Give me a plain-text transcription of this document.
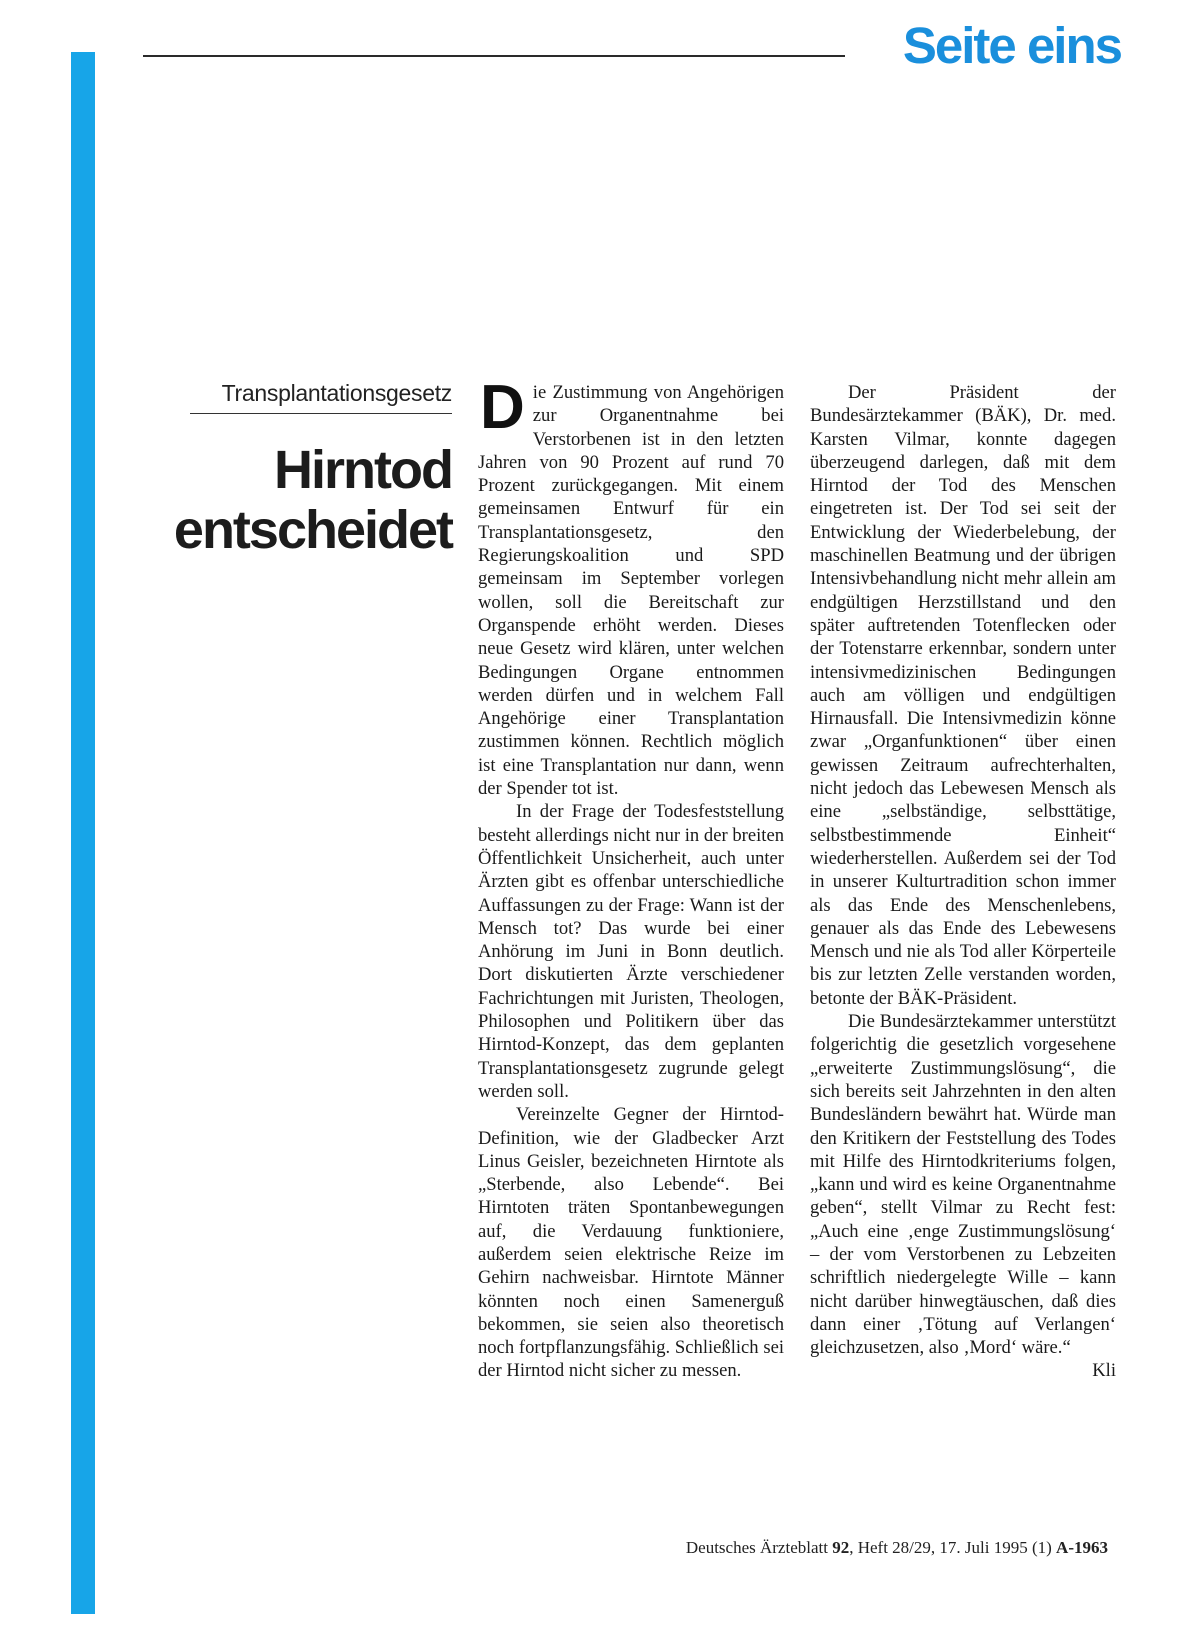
Seite eins
Transplantationsgesetz
Hirntod
entscheidet

Die Zustimmung von Angehörigen zur Organentnahme bei Verstorbenen ist in den letzten Jahren von 90 Prozent auf rund 70 Prozent zurückgegangen. Mit einem gemeinsamen Entwurf für ein Transplantationsgesetz, den Regierungskoalition und SPD gemeinsam im September vorlegen wollen, soll die Bereitschaft zur Organspende erhöht werden. Dieses neue Gesetz wird klären, unter welchen Bedingungen Organe entnommen werden dürfen und in welchem Fall Angehörige einer Transplantation zustimmen können. Rechtlich möglich ist eine Transplantation nur dann, wenn der Spender tot ist.

In der Frage der Todesfeststellung besteht allerdings nicht nur in der breiten Öffentlichkeit Unsicherheit, auch unter Ärzten gibt es offenbar unterschiedliche Auffassungen zu der Frage: Wann ist der Mensch tot? Das wurde bei einer Anhörung im Juni in Bonn deutlich. Dort diskutierten Ärzte verschiedener Fachrichtungen mit Juristen, Theologen, Philosophen und Politikern über das Hirntod-Konzept, das dem geplanten Transplantationsgesetz zugrunde gelegt werden soll.

Vereinzelte Gegner der Hirntod-Definition, wie der Gladbecker Arzt Linus Geisler, bezeichneten Hirntote als „Sterbende, also Lebende“. Bei Hirntoten träten Spontanbewegungen auf, die Verdauung funktioniere, außerdem seien elektrische Reize im Gehirn nachweisbar. Hirntote Männer könnten noch einen Samenerguß bekommen, sie seien also theoretisch noch fortpflanzungsfähig. Schließlich sei der Hirntod nicht sicher zu messen.

Der Präsident der Bundesärztekammer (BÄK), Dr. med. Karsten Vilmar, konnte dagegen überzeugend darlegen, daß mit dem Hirntod der Tod des Menschen eingetreten ist. Der Tod sei seit der Entwicklung der Wiederbelebung, der maschinellen Beatmung und der übrigen Intensivbehandlung nicht mehr allein am endgültigen Herzstillstand und den später auftretenden Totenflecken oder der Totenstarre erkennbar, sondern unter intensivmedizinischen Bedingungen auch am völligen und endgültigen Hirnausfall. Die Intensivmedizin könne zwar „Organfunktionen“ über einen gewissen Zeitraum aufrechterhalten, nicht jedoch das Lebewesen Mensch als eine „selbständige, selbsttätige, selbstbestimmende Einheit“ wiederherstellen. Außerdem sei der Tod in unserer Kulturtradition schon immer als das Ende des Menschenlebens, genauer als das Ende des Lebewesens Mensch und nie als Tod aller Körperteile bis zur letzten Zelle verstanden worden, betonte der BÄK-Präsident.

Die Bundesärztekammer unterstützt folgerichtig die gesetzlich vorgesehene „erweiterte Zustimmungslösung“, die sich bereits seit Jahrzehnten in den alten Bundesländern bewährt hat. Würde man den Kritikern der Feststellung des Todes mit Hilfe des Hirntodkriteriums folgen, „kann und wird es keine Organentnahme geben“, stellt Vilmar zu Recht fest: „Auch eine ‚enge Zustimmungslösung‘ – der vom Verstorbenen zu Lebzeiten schriftlich niedergelegte Wille – kann nicht darüber hinwegtäuschen, daß dies dann einer ‚Tötung auf Verlangen‘ gleichzusetzen, also ‚Mord‘ wäre.“
Kli

Deutsches Ärzteblatt 92, Heft 28/29, 17. Juli 1995 (1) A-1963
